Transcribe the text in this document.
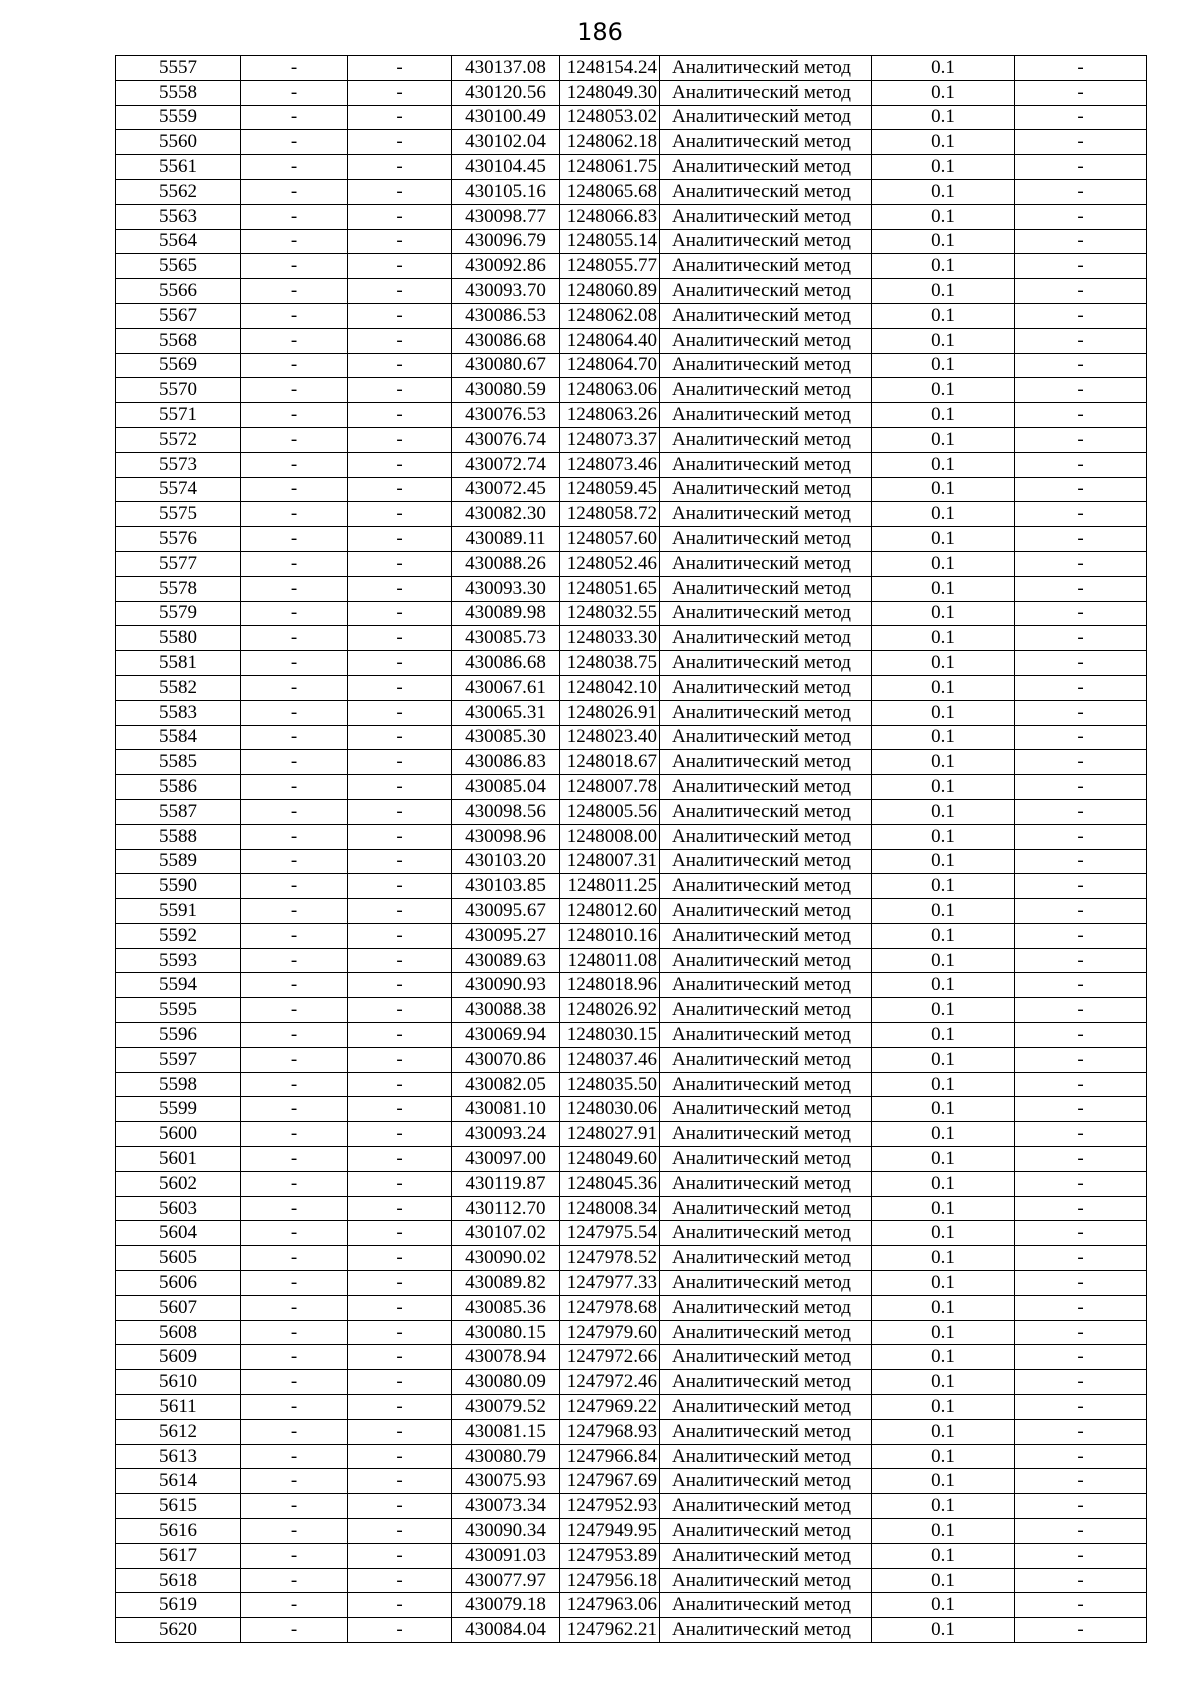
186
5557	-	-	430137.08	1248154.24	Аналитический метод	0.1	-
5558	-	-	430120.56	1248049.30	Аналитический метод	0.1	-
5559	-	-	430100.49	1248053.02	Аналитический метод	0.1	-
5560	-	-	430102.04	1248062.18	Аналитический метод	0.1	-
5561	-	-	430104.45	1248061.75	Аналитический метод	0.1	-
5562	-	-	430105.16	1248065.68	Аналитический метод	0.1	-
5563	-	-	430098.77	1248066.83	Аналитический метод	0.1	-
5564	-	-	430096.79	1248055.14	Аналитический метод	0.1	-
5565	-	-	430092.86	1248055.77	Аналитический метод	0.1	-
5566	-	-	430093.70	1248060.89	Аналитический метод	0.1	-
5567	-	-	430086.53	1248062.08	Аналитический метод	0.1	-
5568	-	-	430086.68	1248064.40	Аналитический метод	0.1	-
5569	-	-	430080.67	1248064.70	Аналитический метод	0.1	-
5570	-	-	430080.59	1248063.06	Аналитический метод	0.1	-
5571	-	-	430076.53	1248063.26	Аналитический метод	0.1	-
5572	-	-	430076.74	1248073.37	Аналитический метод	0.1	-
5573	-	-	430072.74	1248073.46	Аналитический метод	0.1	-
5574	-	-	430072.45	1248059.45	Аналитический метод	0.1	-
5575	-	-	430082.30	1248058.72	Аналитический метод	0.1	-
5576	-	-	430089.11	1248057.60	Аналитический метод	0.1	-
5577	-	-	430088.26	1248052.46	Аналитический метод	0.1	-
5578	-	-	430093.30	1248051.65	Аналитический метод	0.1	-
5579	-	-	430089.98	1248032.55	Аналитический метод	0.1	-
5580	-	-	430085.73	1248033.30	Аналитический метод	0.1	-
5581	-	-	430086.68	1248038.75	Аналитический метод	0.1	-
5582	-	-	430067.61	1248042.10	Аналитический метод	0.1	-
5583	-	-	430065.31	1248026.91	Аналитический метод	0.1	-
5584	-	-	430085.30	1248023.40	Аналитический метод	0.1	-
5585	-	-	430086.83	1248018.67	Аналитический метод	0.1	-
5586	-	-	430085.04	1248007.78	Аналитический метод	0.1	-
5587	-	-	430098.56	1248005.56	Аналитический метод	0.1	-
5588	-	-	430098.96	1248008.00	Аналитический метод	0.1	-
5589	-	-	430103.20	1248007.31	Аналитический метод	0.1	-
5590	-	-	430103.85	1248011.25	Аналитический метод	0.1	-
5591	-	-	430095.67	1248012.60	Аналитический метод	0.1	-
5592	-	-	430095.27	1248010.16	Аналитический метод	0.1	-
5593	-	-	430089.63	1248011.08	Аналитический метод	0.1	-
5594	-	-	430090.93	1248018.96	Аналитический метод	0.1	-
5595	-	-	430088.38	1248026.92	Аналитический метод	0.1	-
5596	-	-	430069.94	1248030.15	Аналитический метод	0.1	-
5597	-	-	430070.86	1248037.46	Аналитический метод	0.1	-
5598	-	-	430082.05	1248035.50	Аналитический метод	0.1	-
5599	-	-	430081.10	1248030.06	Аналитический метод	0.1	-
5600	-	-	430093.24	1248027.91	Аналитический метод	0.1	-
5601	-	-	430097.00	1248049.60	Аналитический метод	0.1	-
5602	-	-	430119.87	1248045.36	Аналитический метод	0.1	-
5603	-	-	430112.70	1248008.34	Аналитический метод	0.1	-
5604	-	-	430107.02	1247975.54	Аналитический метод	0.1	-
5605	-	-	430090.02	1247978.52	Аналитический метод	0.1	-
5606	-	-	430089.82	1247977.33	Аналитический метод	0.1	-
5607	-	-	430085.36	1247978.68	Аналитический метод	0.1	-
5608	-	-	430080.15	1247979.60	Аналитический метод	0.1	-
5609	-	-	430078.94	1247972.66	Аналитический метод	0.1	-
5610	-	-	430080.09	1247972.46	Аналитический метод	0.1	-
5611	-	-	430079.52	1247969.22	Аналитический метод	0.1	-
5612	-	-	430081.15	1247968.93	Аналитический метод	0.1	-
5613	-	-	430080.79	1247966.84	Аналитический метод	0.1	-
5614	-	-	430075.93	1247967.69	Аналитический метод	0.1	-
5615	-	-	430073.34	1247952.93	Аналитический метод	0.1	-
5616	-	-	430090.34	1247949.95	Аналитический метод	0.1	-
5617	-	-	430091.03	1247953.89	Аналитический метод	0.1	-
5618	-	-	430077.97	1247956.18	Аналитический метод	0.1	-
5619	-	-	430079.18	1247963.06	Аналитический метод	0.1	-
5620	-	-	430084.04	1247962.21	Аналитический метод	0.1	-
